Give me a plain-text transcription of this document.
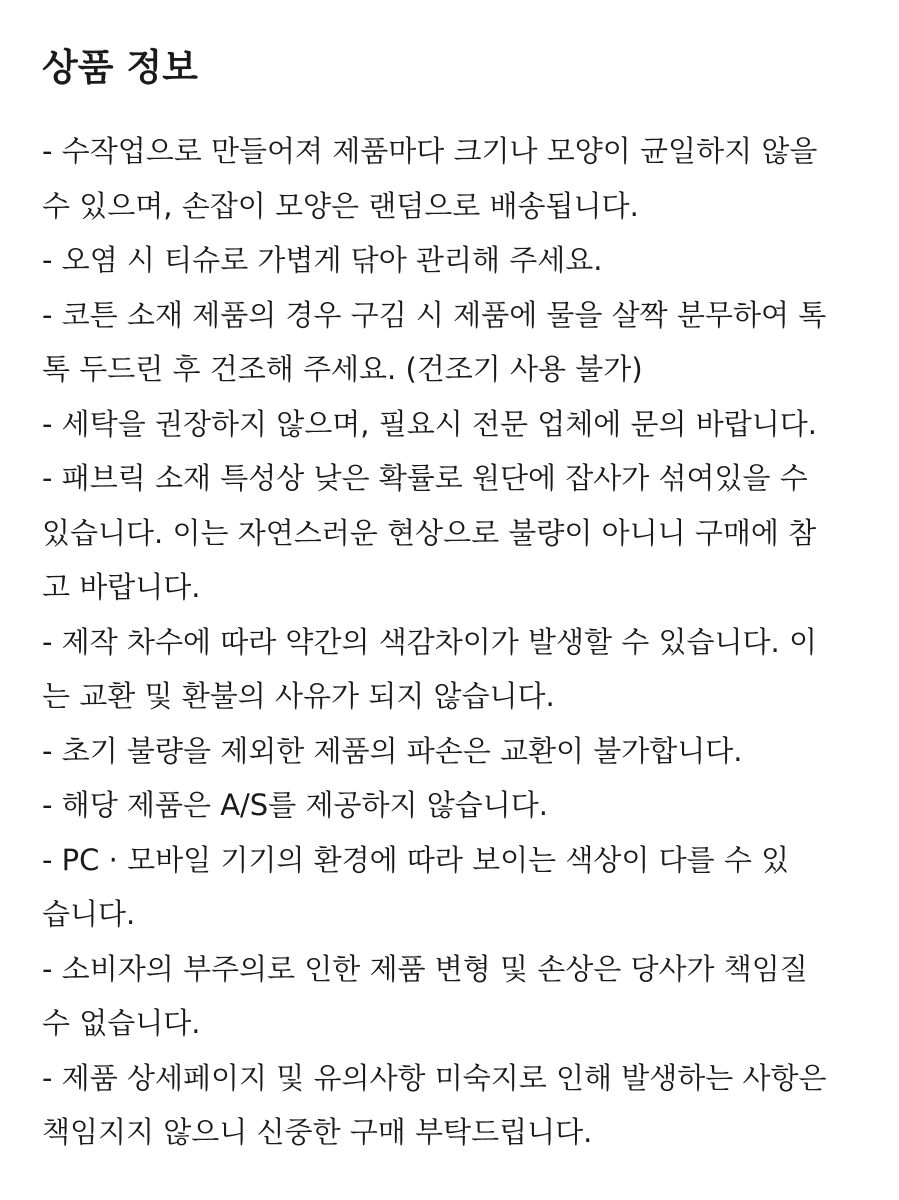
상품 정보
- 수작업으로 만들어져 제품마다 크기나 모양이 균일하지 않을
수 있으며, 손잡이 모양은 랜덤으로 배송됩니다.
- 오염 시 티슈로 가볍게 닦아 관리해 주세요.
- 코튼 소재 제품의 경우 구김 시 제품에 물을 살짝 분무하여 톡
톡 두드린 후 건조해 주세요. (건조기 사용 불가)
- 세탁을 권장하지 않으며, 필요시 전문 업체에 문의 바랍니다.
- 패브릭 소재 특성상 낮은 확률로 원단에 잡사가 섞여있을 수
있습니다. 이는 자연스러운 현상으로 불량이 아니니 구매에 참
고 바랍니다.
- 제작 차수에 따라 약간의 색감차이가 발생할 수 있습니다. 이
는 교환 및 환불의 사유가 되지 않습니다.
- 초기 불량을 제외한 제품의 파손은 교환이 불가합니다.
- 해당 제품은 A/S를 제공하지 않습니다.
- PC · 모바일 기기의 환경에 따라 보이는 색상이 다를 수 있
습니다.
- 소비자의 부주의로 인한 제품 변형 및 손상은 당사가 책임질
수 없습니다.
- 제품 상세페이지 및 유의사항 미숙지로 인해 발생하는 사항은
책임지지 않으니 신중한 구매 부탁드립니다.
